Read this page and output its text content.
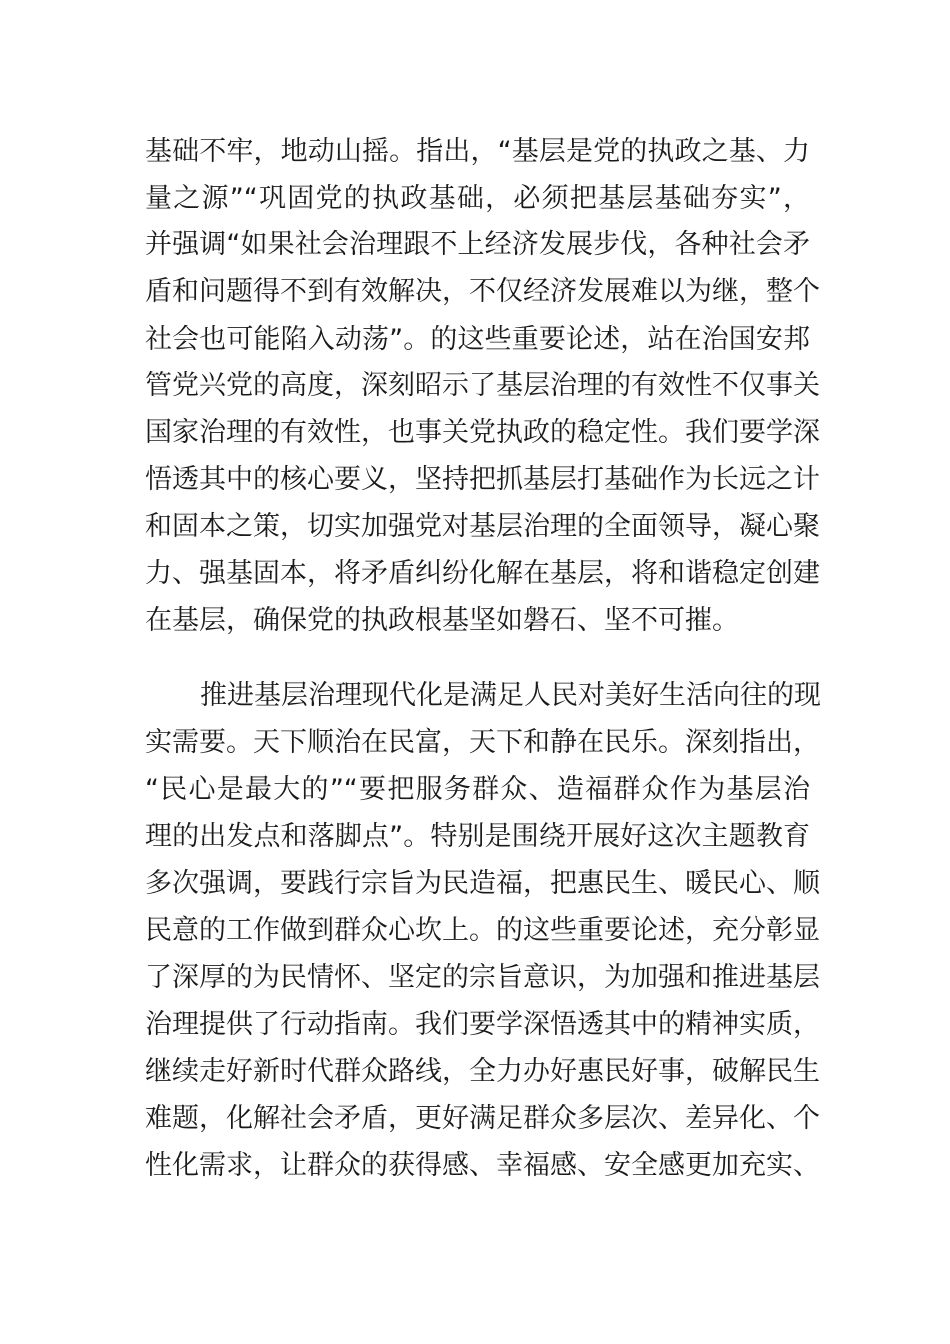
基础不牢，地动山摇。指出，“基层是党的执政之基、力
量之源”“巩固党的执政基础，必须把基层基础夯实”，
并强调“如果社会治理跟不上经济发展步伐，各种社会矛
盾和问题得不到有效解决，不仅经济发展难以为继，整个
社会也可能陷入动荡”。的这些重要论述，站在治国安邦
管党兴党的高度，深刻昭示了基层治理的有效性不仅事关
国家治理的有效性，也事关党执政的稳定性。我们要学深
悟透其中的核心要义，坚持把抓基层打基础作为长远之计
和固本之策，切实加强党对基层治理的全面领导，凝心聚
力、强基固本，将矛盾纠纷化解在基层，将和谐稳定创建
在基层，确保党的执政根基坚如磐石、坚不可摧。
推进基层治理现代化是满足人民对美好生活向往的现
实需要。天下顺治在民富，天下和静在民乐。深刻指出，
“民心是最大的”“要把服务群众、造福群众作为基层治
理的出发点和落脚点”。特别是围绕开展好这次主题教育
多次强调，要践行宗旨为民造福，把惠民生、暖民心、顺
民意的工作做到群众心坎上。的这些重要论述，充分彰显
了深厚的为民情怀、坚定的宗旨意识，为加强和推进基层
治理提供了行动指南。我们要学深悟透其中的精神实质，
继续走好新时代群众路线，全力办好惠民好事，破解民生
难题，化解社会矛盾，更好满足群众多层次、差异化、个
性化需求，让群众的获得感、幸福感、安全感更加充实、
